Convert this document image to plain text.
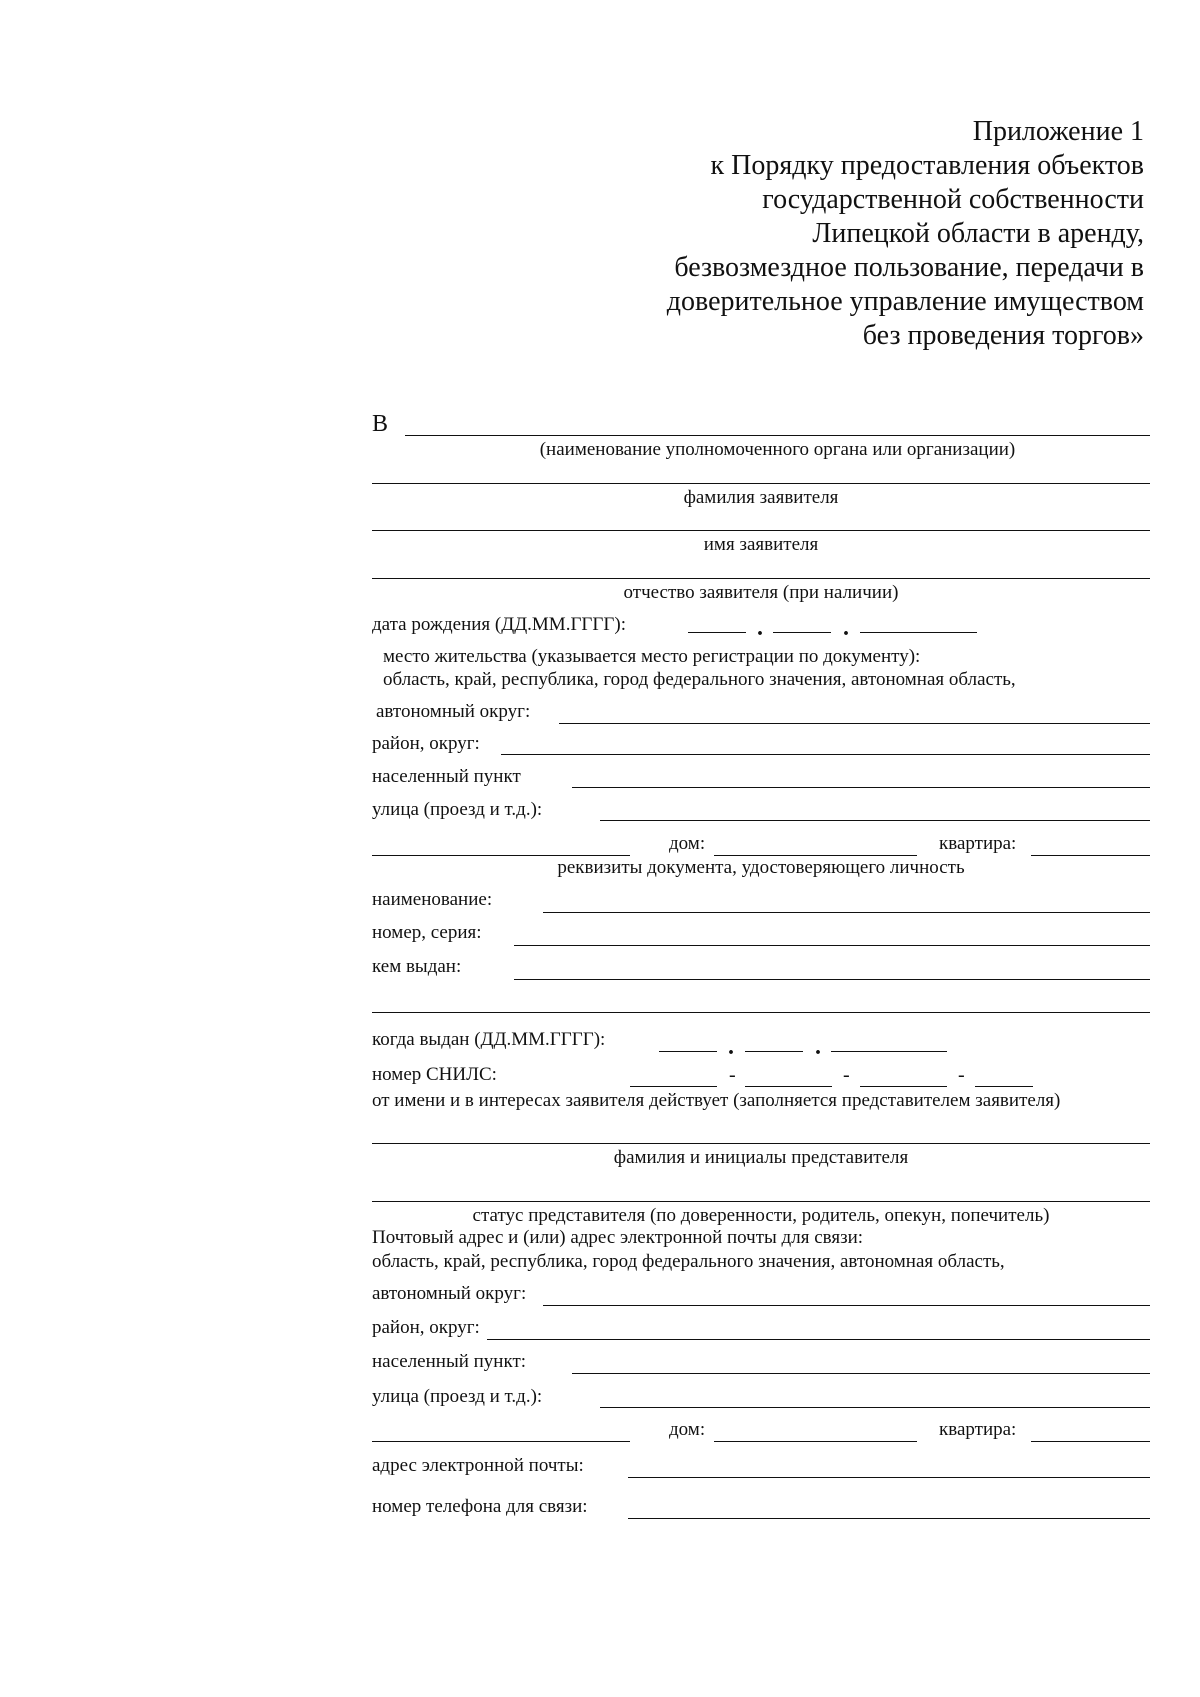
Приложение 1
к Порядку предоставления объектов
государственной собственности
Липецкой области в аренду,
безвозмездное пользование, передачи в
доверительное управление имуществом
без проведения торгов»
В
(наименование уполномоченного органа или организации)
фамилия заявителя
имя заявителя
отчество заявителя (при наличии)
дата рождения (ДД.ММ.ГГГГ):	.	.
место жительства (указывается место регистрации по документу):
область, край, республика, город федерального значения, автономная область,
автономный округ:
район, округ:
населенный пункт
улица (проезд и т.д.):
дом:	квартира:
реквизиты документа, удостоверяющего личность
наименование:
номер, серия:
кем выдан:
когда выдан (ДД.ММ.ГГГГ):	.	.
номер СНИЛС:	-	-	-
от имени и в интересах заявителя действует (заполняется представителем заявителя)
фамилия и инициалы представителя
статус представителя (по доверенности, родитель, опекун, попечитель)
Почтовый адрес и (или) адрес электронной почты для связи:
область, край, республика, город федерального значения, автономная область,
автономный округ:
район, округ:
населенный пункт:
улица (проезд и т.д.):
дом:	квартира:
адрес электронной почты:
номер телефона для связи:
